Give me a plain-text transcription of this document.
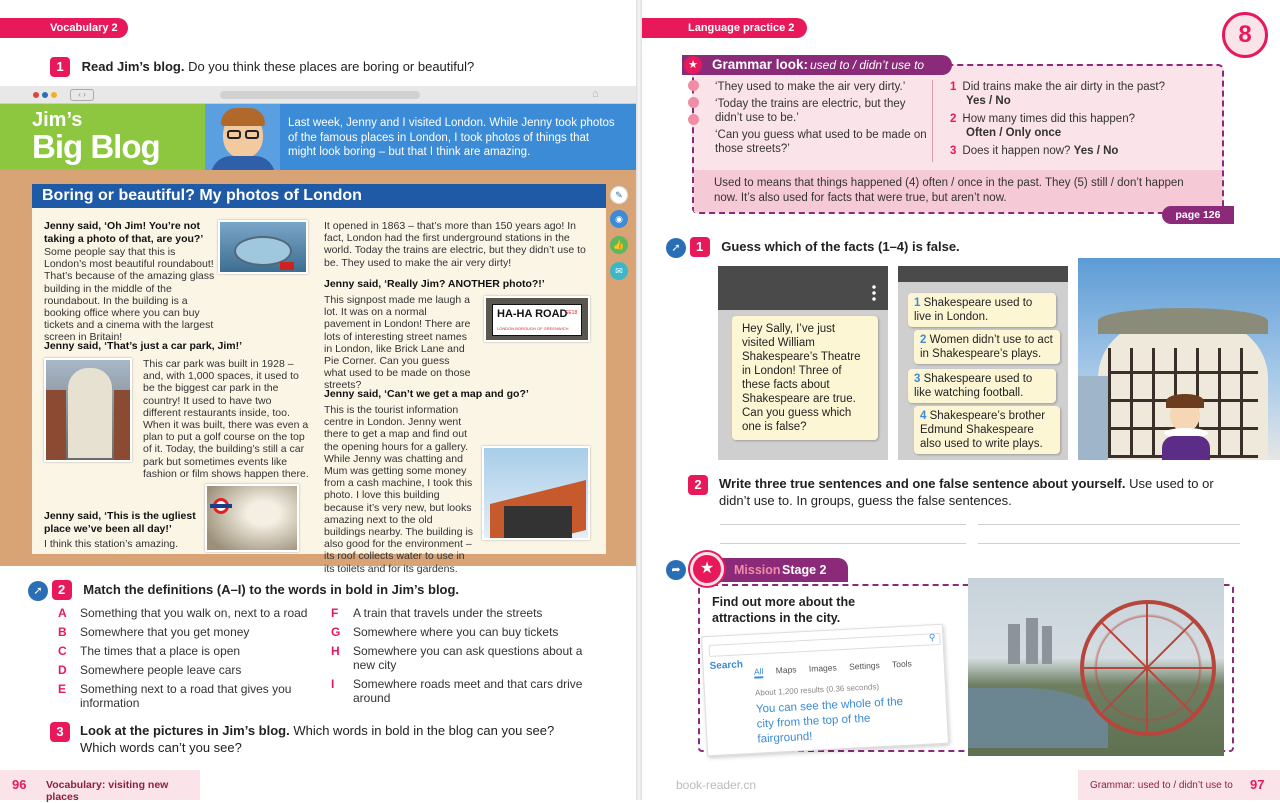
Vocabulary 2
1 Read Jim’s blog. Do you think these places are boring or beautiful?
‹ ›	⌂
Jim’s
Big Blog
Last week, Jenny and I visited London. While Jenny took photos of the famous places in London, I took photos of things that might look boring – but that I think are amazing.
Boring or beautiful? My photos of London
Jenny said, ‘Oh Jim! You’re not taking a photo of that, are you?’
Some people say that this is London’s most beautiful roundabout! That’s because of the amazing glass building in the middle of the roundabout. In the building is a booking office where you can buy tickets and a cinema with the largest screen in Britain!
Jenny said, ‘That’s just a car park, Jim!’
This car park was built in 1928 – and, with 1,000 spaces, it used to be the biggest car park in the country! It used to have two different restaurants inside, too. When it was built, there was even a plan to put a golf course on the top of it. Today, the building’s still a car park but sometimes events like fashion or film shows happen there.
Jenny said, ‘This is the ugliest place we’ve been all day!’
I think this station’s amazing.
It opened in 1863 – that’s more than 150 years ago! In fact, London had the first underground stations in the world. Today the trains are electric, but they didn’t use to be. They used to make the air very dirty!
Jenny said, ‘Really Jim? ANOTHER photo?!’
This signpost made me laugh a lot. It was on a normal pavement in London! There are lots of interesting street names in London, like Brick Lane and Pie Corner. Can you guess what used to be made on those streets?
HA-HA ROAD
SE18
LONDON BOROUGH OF GREENWICH
Jenny said, ‘Can’t we get a map and go?’
This is the tourist information centre in London. Jenny went there to get a map and find out the opening hours for a gallery. While Jenny was chatting and Mum was getting some money from a cash machine, I took this photo. I love this building because it’s very new, but looks amazing next to the old buildings nearby. The building is also good for the environment – its roof collects water to use in its toilets and for its gardens.
✎
◉
👍
✉
➚ 2 Match the definitions (A–I) to the words in bold in Jim’s blog.
A Something that you walk on, next to a road
B Somewhere that you get money
C The times that a place is open
D Somewhere people leave cars
E Something next to a road that gives you information
F A train that travels under the streets
G Somewhere where you can buy tickets
H Somewhere you can ask questions about a new city
I Somewhere roads meet and that cars drive around
3	Look at the pictures in Jim’s blog. Which words in bold in the blog can you see? Which words can’t you see?
96 Vocabulary: visiting new places
Language practice 2	8
★	Grammar look: used to / didn’t use to
‘They used to make the air very dirty.’
‘Today the trains are electric, but they didn’t use to be.’
‘Can you guess what used to be made on those streets?’
1 Did trains make the air dirty in the past?
Yes / No
2 How many times did this happen?
Often / Only once
3 Does it happen now? Yes / No
Used to means that things happened (4) often / once in the past. They (5) still / don’t happen now. It’s also used for facts that were true, but aren’t now.
page 126
➚ 1 Guess which of the facts (1–4) is false.
Hey Sally, I’ve just visited William Shakespeare’s Theatre in London! Three of these facts about Shakespeare are true. Can you guess which one is false?
1 Shakespeare used to live in London.
2 Women didn’t use to act in Shakespeare’s plays.
3 Shakespeare used to like watching football.
4 Shakespeare’s brother Edmund Shakespeare also used to write plays.
2	Write three true sentences and one false sentence about yourself. Use used to or didn’t use to. In groups, guess the false sentences.
➦	Mission Stage 2
★
Find out more about the attractions in the city.
⚲
Search All Maps Images Settings Tools
About 1,200 results (0.36 seconds)
You can see the whole of the city from the top of the fairground!
book-reader.cn	Grammar: used to / didn’t use to 97
